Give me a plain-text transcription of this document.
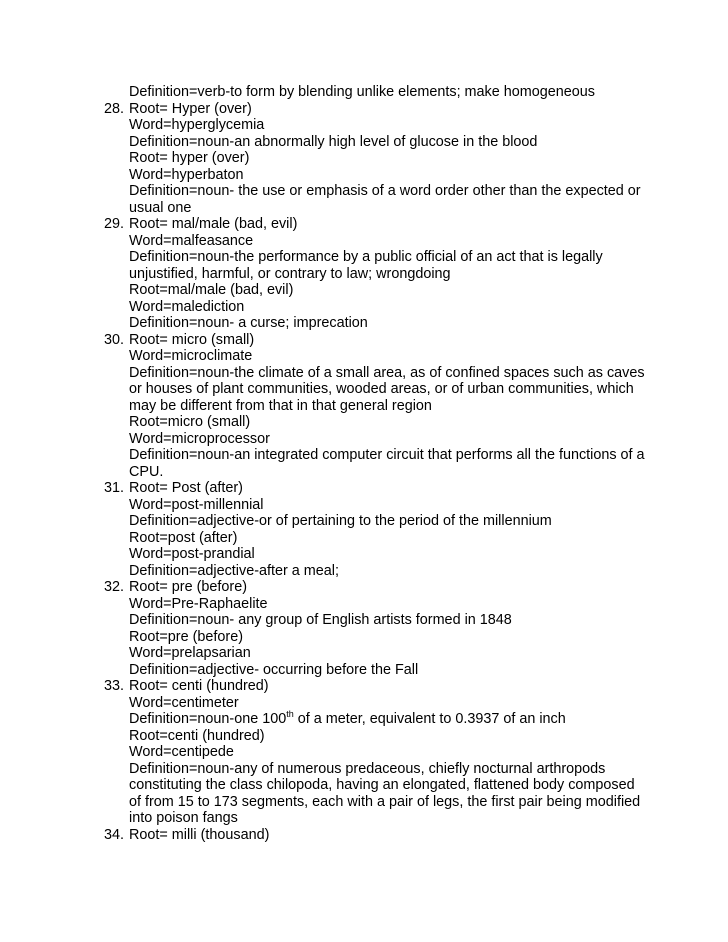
Definition=verb-to form by blending unlike elements; make homogeneous
28. Root= Hyper (over)
Word=hyperglycemia
Definition=noun-an abnormally high level of glucose in the blood
Root= hyper (over)
Word=hyperbaton
Definition=noun- the use or emphasis of a word order other than the expected or
usual one
29. Root= mal/male (bad, evil)
Word=malfeasance
Definition=noun-the performance by a public official of an act that is legally
unjustified, harmful, or contrary to law; wrongdoing
Root=mal/male (bad, evil)
Word=malediction
Definition=noun- a curse; imprecation
30. Root= micro (small)
Word=microclimate
Definition=noun-the climate of a small area, as of confined spaces such as caves
or houses of plant communities, wooded areas, or of urban communities, which
may be different from that in that general region
Root=micro (small)
Word=microprocessor
Definition=noun-an integrated computer circuit that performs all the functions of a
CPU.
31. Root= Post (after)
Word=post-millennial
Definition=adjective-or of pertaining to the period of the millennium
Root=post (after)
Word=post-prandial
Definition=adjective-after a meal;
32. Root= pre (before)
Word=Pre-Raphaelite
Definition=noun- any group of English artists formed in 1848
Root=pre (before)
Word=prelapsarian
Definition=adjective- occurring before the Fall
33. Root= centi (hundred)
Word=centimeter
Definition=noun-one 100th of a meter, equivalent to 0.3937 of an inch
Root=centi (hundred)
Word=centipede
Definition=noun-any of numerous predaceous, chiefly nocturnal arthropods
constituting the class chilopoda, having an elongated, flattened body composed
of from 15 to 173 segments, each with a pair of legs, the first pair being modified
into poison fangs
34. Root= milli (thousand)
